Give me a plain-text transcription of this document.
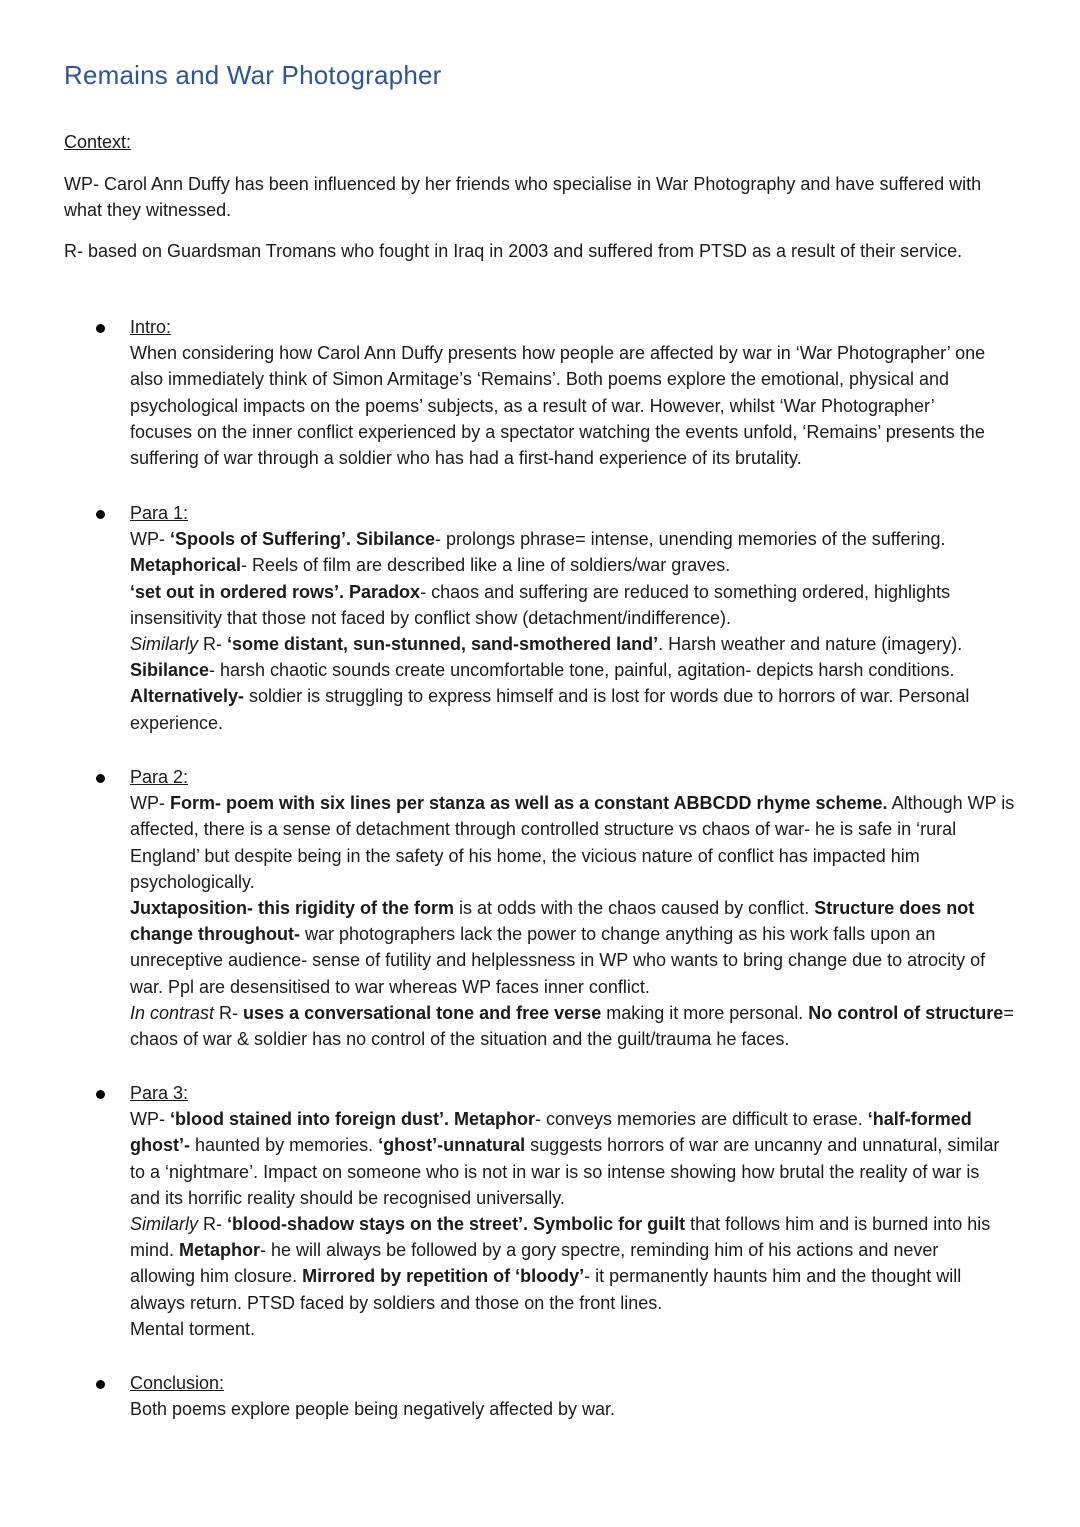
Remains and War Photographer

Context:

WP- Carol Ann Duffy has been influenced by her friends who specialise in War Photography and have suffered with what they witnessed.

R- based on Guardsman Tromans who fought in Iraq in 2003 and suffered from PTSD as a result of their service.

Intro:
When considering how Carol Ann Duffy presents how people are affected by war in ‘War Photographer’ one
also immediately think of Simon Armitage’s ‘Remains’. Both poems explore the emotional, physical and
psychological impacts on the poems’ subjects, as a result of war. However, whilst ‘War Photographer’
focuses on the inner conflict experienced by a spectator watching the events unfold, ‘Remains’ presents the
suffering of war through a soldier who has had a first-hand experience of its brutality.
Para 1:
WP- ‘Spools of Suffering’. Sibilance- prolongs phrase= intense, unending memories of the suffering.
Metaphorical- Reels of film are described like a line of soldiers/war graves.
‘set out in ordered rows’. Paradox- chaos and suffering are reduced to something ordered, highlights
insensitivity that those not faced by conflict show (detachment/indifference).
Similarly R- ‘some distant, sun-stunned, sand-smothered land’. Harsh weather and nature (imagery).
Sibilance- harsh chaotic sounds create uncomfortable tone, painful, agitation- depicts harsh conditions.
Alternatively- soldier is struggling to express himself and is lost for words due to horrors of war. Personal
experience.
Para 2:
WP- Form- poem with six lines per stanza as well as a constant ABBCDD rhyme scheme. Although WP is
affected, there is a sense of detachment through controlled structure vs chaos of war- he is safe in ‘rural
England’ but despite being in the safety of his home, the vicious nature of conflict has impacted him
psychologically.
Juxtaposition- this rigidity of the form is at odds with the chaos caused by conflict. Structure does not
change throughout- war photographers lack the power to change anything as his work falls upon an
unreceptive audience- sense of futility and helplessness in WP who wants to bring change due to atrocity of
war. Ppl are desensitised to war whereas WP faces inner conflict.
In contrast R- uses a conversational tone and free verse making it more personal. No control of structure=
chaos of war & soldier has no control of the situation and the guilt/trauma he faces.
Para 3:
WP- ‘blood stained into foreign dust’. Metaphor- conveys memories are difficult to erase. ‘half-formed
ghost’- haunted by memories. ‘ghost’-unnatural suggests horrors of war are uncanny and unnatural, similar
to a ‘nightmare’. Impact on someone who is not in war is so intense showing how brutal the reality of war is
and its horrific reality should be recognised universally.
Similarly R- ‘blood-shadow stays on the street’. Symbolic for guilt that follows him and is burned into his
mind. Metaphor- he will always be followed by a gory spectre, reminding him of his actions and never
allowing him closure. Mirrored by repetition of ‘bloody’- it permanently haunts him and the thought will
always return. PTSD faced by soldiers and those on the front lines.
Mental torment.
Conclusion:
Both poems explore people being negatively affected by war.
